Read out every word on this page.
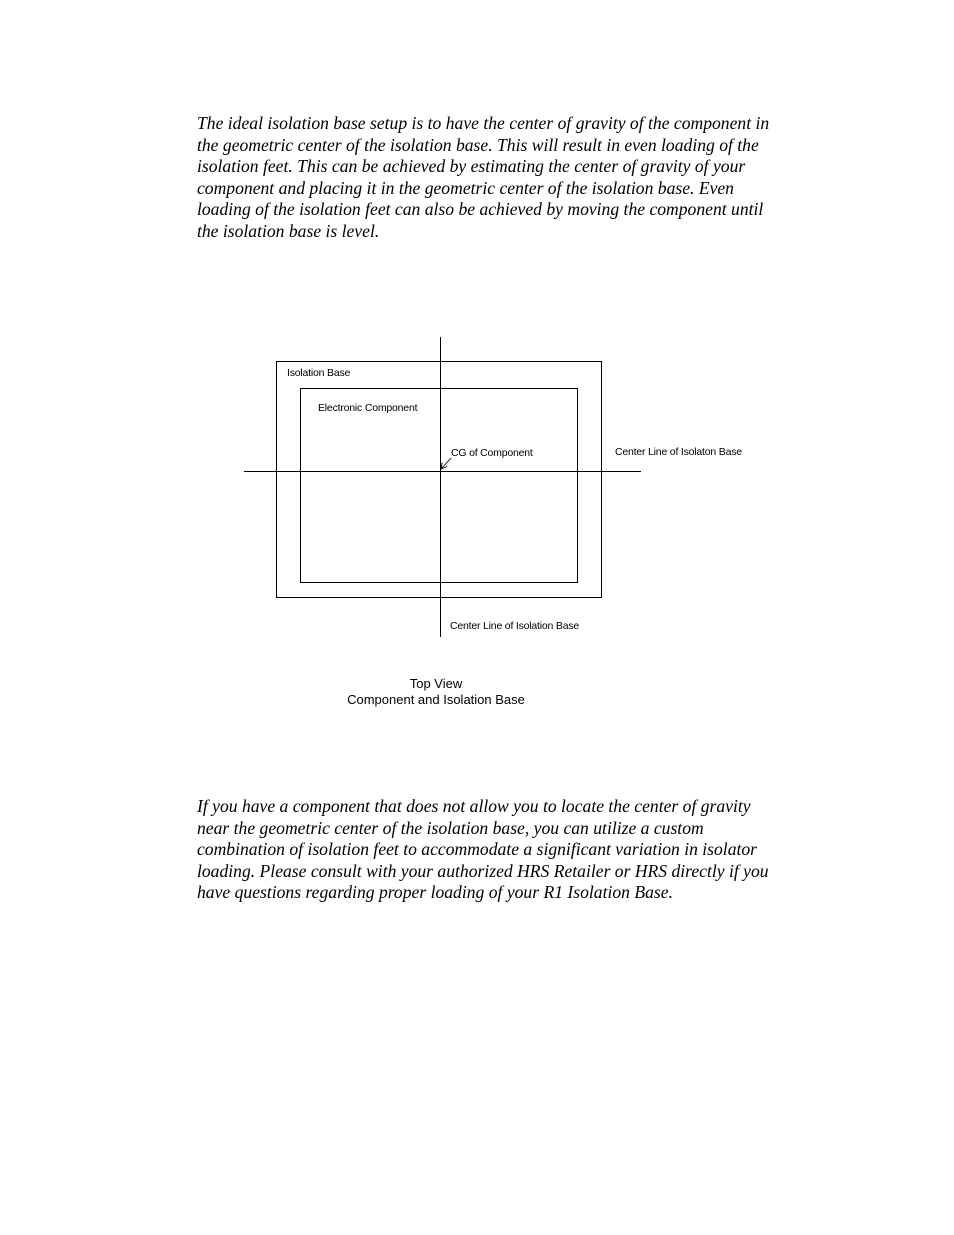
The ideal isolation base setup is to have the center of gravity of the component in
the geometric center of the isolation base. This will result in even loading of the
isolation feet. This can be achieved by estimating the center of gravity of your
component and placing it in the geometric center of the isolation base. Even
loading of the isolation feet can also be achieved by moving the component until
the isolation base is level.

Isolation Base
Electronic Component
CG of Component	Center Line of Isolaton Base
Center Line of Isolation Base
Top View
Component and Isolation Base

If you have a component that does not allow you to locate the center of gravity
near the geometric center of the isolation base, you can utilize a custom
combination of isolation feet to accommodate a significant variation in isolator
loading. Please consult with your authorized HRS Retailer or HRS directly if you
have questions regarding proper loading of your R1 Isolation Base.
